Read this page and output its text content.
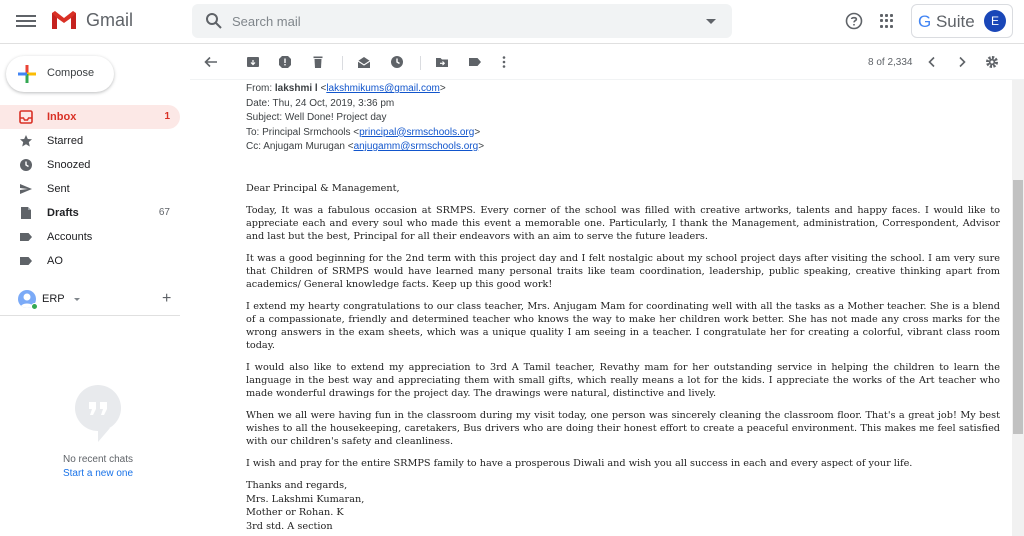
Gmail
Search mail	G Suite	E
Compose
Inbox	1
Starred
Snoozed
Sent
Drafts	67
Accounts
AO
ERP	+
No recent chats
Start a new one
8 of 2,334
From: lakshmi l <lakshmikums@gmail.com>
Date: Thu, 24 Oct, 2019, 3:36 pm
Subject: Well Done! Project day
To: Principal Srmchools <principal@srmschools.org>
Cc: Anjugam Murugan <anjugamm@srmschools.org>

Dear Principal & Management,

Today, It was a fabulous occasion at SRMPS. Every corner of the school was filled with creative artworks, talents and happy faces. I would like to appreciate each and every soul who made this event a memorable one. Particularly, I thank the Management, administration, Correspondent, Advisor and last but the best, Principal for all their endeavors with an aim to serve the future leaders.

It was a good beginning for the 2nd term with this project day and I felt nostalgic about my school project days after visiting the school. I am very sure that Children of SRMPS would have learned many personal traits like team coordination, leadership, public speaking, creative thinking apart from academics/ General knowledge facts. Keep up this good work!

I extend my hearty congratulations to our class teacher, Mrs. Anjugam Mam for coordinating well with all the tasks as a Mother teacher. She is a blend of a compassionate, friendly and determined teacher who knows the way to make her children work better. She has not made any cross marks for the wrong answers in the exam sheets, which was a unique quality I am seeing in a teacher. I congratulate her for creating a colorful, vibrant class room today.

I would also like to extend my appreciation to 3rd A Tamil teacher, Revathy mam for her outstanding service in helping the children to learn the language in the best way and appreciating them with small gifts, which really means a lot for the kids. I appreciate the works of the Art teacher who made wonderful drawings for the project day. The drawings were natural, distinctive and lively.

When we all were having fun in the classroom during my visit today, one person was sincerely cleaning the classroom floor. That's a great job! My best wishes to all the housekeeping, caretakers, Bus drivers who are doing their honest effort to create a peaceful environment. This makes me feel satisfied with our children's safety and cleanliness.

I wish and pray for the entire SRMPS family to have a prosperous Diwali and wish you all success in each and every aspect of your life.

Thanks and regards,
Mrs. Lakshmi Kumaran,
Mother or Rohan. K
3rd std. A section
